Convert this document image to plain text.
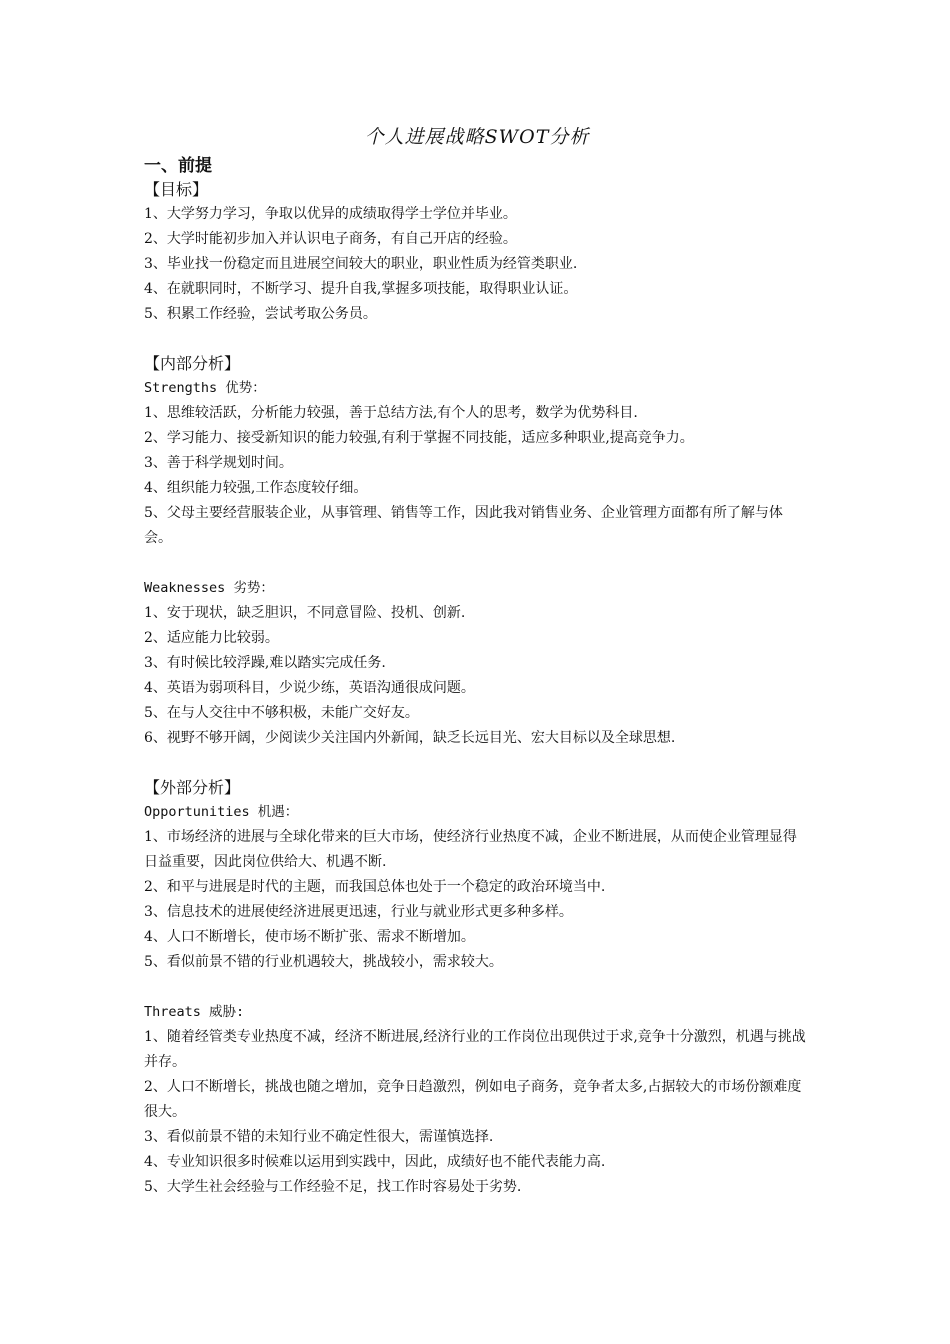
个人进展战略SWOT分析
一、前提
【目标】

1、大学努力学习，争取以优异的成绩取得学士学位并毕业。

2、大学时能初步加入并认识电子商务，有自己开店的经验。

3、毕业找一份稳定而且进展空间较大的职业，职业性质为经管类职业.

4、在就职同时，不断学习、提升自我,掌握多项技能，取得职业认证。

5、积累工作经验，尝试考取公务员。

【内部分析】
Strengths 优势：

1、思维较活跃，分析能力较强，善于总结方法,有个人的思考，数学为优势科目.

2、学习能力、接受新知识的能力较强,有利于掌握不同技能，适应多种职业,提高竞争力。

3、善于科学规划时间。

4、组织能力较强,工作态度较仔细。

5、父母主要经营服装企业，从事管理、销售等工作，因此我对销售业务、企业管理方面都有所了解与体会。

Weaknesses 劣势：

1、安于现状，缺乏胆识，不同意冒险、投机、创新.

2、适应能力比较弱。

3、有时候比较浮躁,难以踏实完成任务.

4、英语为弱项科目，少说少练，英语沟通很成问题。

5、在与人交往中不够积极，未能广交好友。

6、视野不够开阔，少阅读少关注国内外新闻，缺乏长远目光、宏大目标以及全球思想.

【外部分析】
Opportunities 机遇：

1、市场经济的进展与全球化带来的巨大市场，使经济行业热度不减，企业不断进展，从而使企业管理显得日益重要，因此岗位供给大、机遇不断.

2、和平与进展是时代的主题，而我国总体也处于一个稳定的政治环境当中.

3、信息技术的进展使经济进展更迅速，行业与就业形式更多种多样。

4、人口不断增长，使市场不断扩张、需求不断增加。

5、看似前景不错的行业机遇较大，挑战较小，需求较大。

Threats 威胁:

1、随着经管类专业热度不减，经济不断进展,经济行业的工作岗位出现供过于求,竞争十分激烈，机遇与挑战并存。

2、人口不断增长，挑战也随之增加，竞争日趋激烈，例如电子商务，竞争者太多,占据较大的市场份额难度很大。

3、看似前景不错的未知行业不确定性很大，需谨慎选择.

4、专业知识很多时候难以运用到实践中，因此，成绩好也不能代表能力高.

5、大学生社会经验与工作经验不足，找工作时容易处于劣势.
